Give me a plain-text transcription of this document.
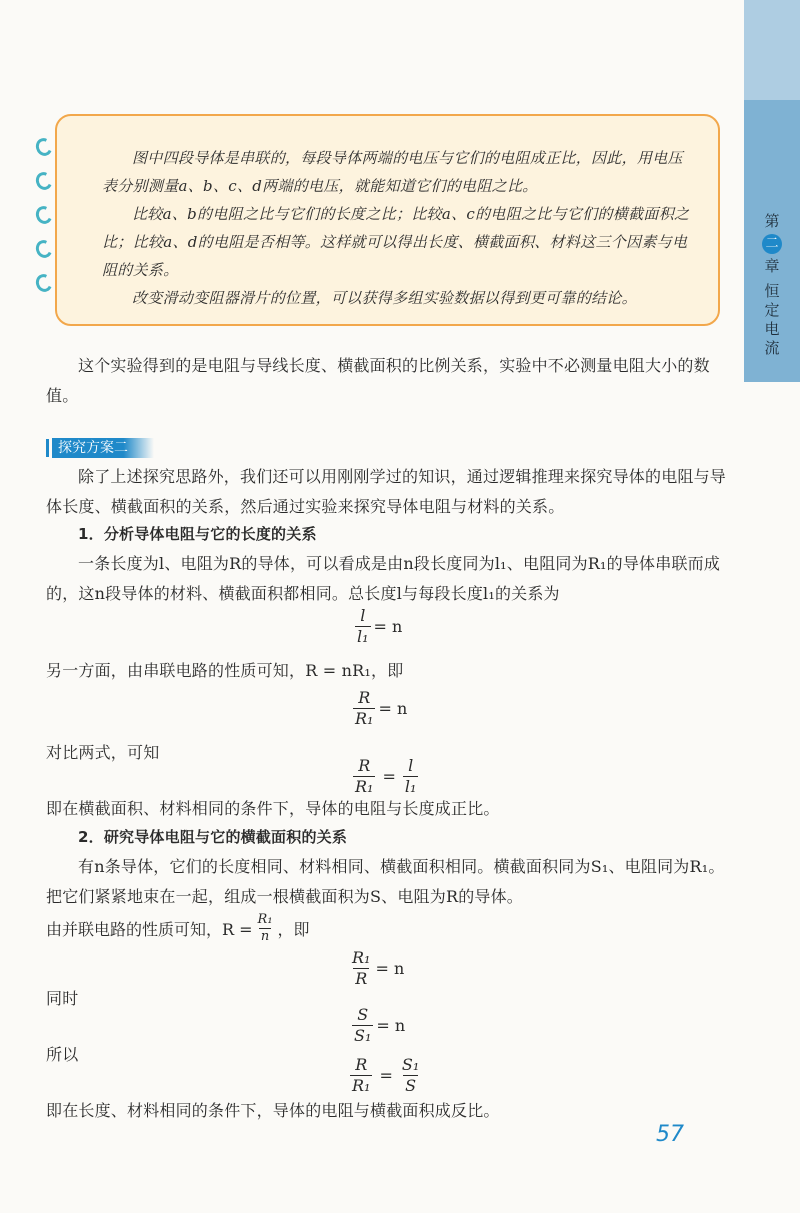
第
二
章
恒定电流

图中四段导体是串联的，每段导体两端的电压与它们的电阻成正比，因此，用电压表分别测量a、b、c、d两端的电压，就能知道它们的电阻之比。

比较a、b的电阻之比与它们的长度之比；比较a、c的电阻之比与它们的横截面积之比；比较a、d的电阻是否相等。这样就可以得出长度、横截面积、材料这三个因素与电阻的关系。

改变滑动变阻器滑片的位置，可以获得多组实验数据以得到更可靠的结论。

这个实验得到的是电阻与导线长度、横截面积的比例关系，实验中不必测量电阻大小的数值。

探究方案二

除了上述探究思路外，我们还可以用刚刚学过的知识，通过逻辑推理来探究导体的电阻与导体长度、横截面积的关系，然后通过实验来探究导体电阻与材料的关系。

1．分析导体电阻与它的长度的关系

一条长度为l、电阻为R的导体，可以看成是由n段长度同为l₁、电阻同为R₁的导体串联而成的，这n段导体的材料、横截面积都相同。总长度l与每段长度l₁的关系为

$\frac{l}{\text{l₁}} = n$

另一方面，由串联电路的性质可知，R = nR₁，即

$\frac{R}{\text{R₁}} = n$

对比两式，可知

$\frac{R}{\text{R₁}} = \frac{l}{\text{l₁}}$

即在横截面积、材料相同的条件下，导体的电阻与长度成正比。

2．研究导体电阻与它的横截面积的关系

有n条导体，它们的长度相同、材料相同、横截面积相同。横截面积同为S₁、电阻同为R₁。把它们紧紧地束在一起，组成一根横截面积为S、电阻为R的导体。

由并联电路的性质可知，$R = \frac{\text{R₁}}{n}$ ，即
$\frac{\text{R₁}}{R} = n$

同时

$\frac{S}{\text{S₁}} = n$

所以

$\frac{R}{\text{R₁}} = \frac{\text{S₁}}{S}$

即在长度、材料相同的条件下，导体的电阻与横截面积成反比。

57
